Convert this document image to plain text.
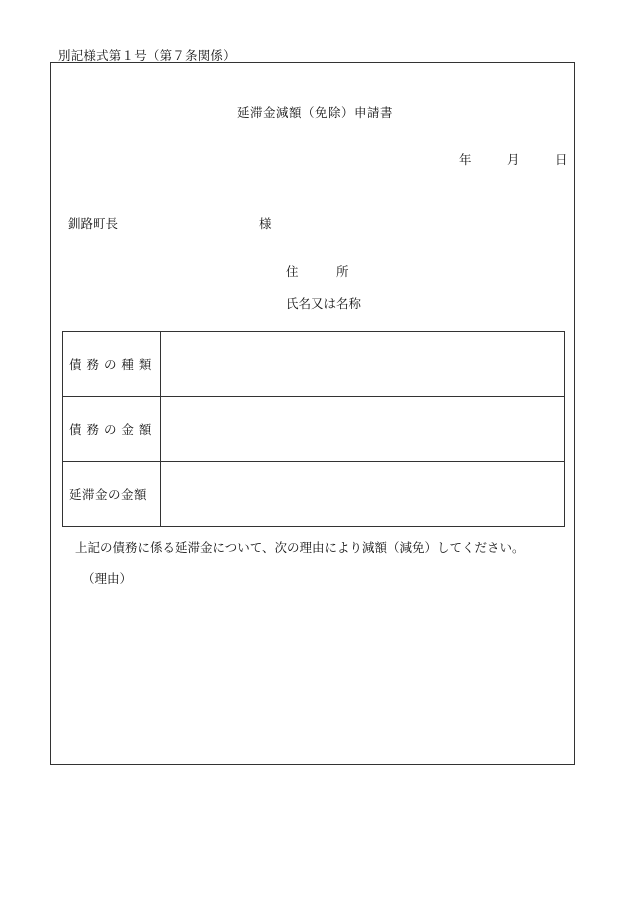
別記様式第１号（第７条関係）
延滞金減額（免除）申請書
年	月	日
釧路町長	様
住　　　所
氏名又は名称
債 務 の 種 類	
債 務 の 金 額	
延滞金の金額	
上記の債務に係る延滞金について、次の理由により減額（減免）してください。
（理由）
